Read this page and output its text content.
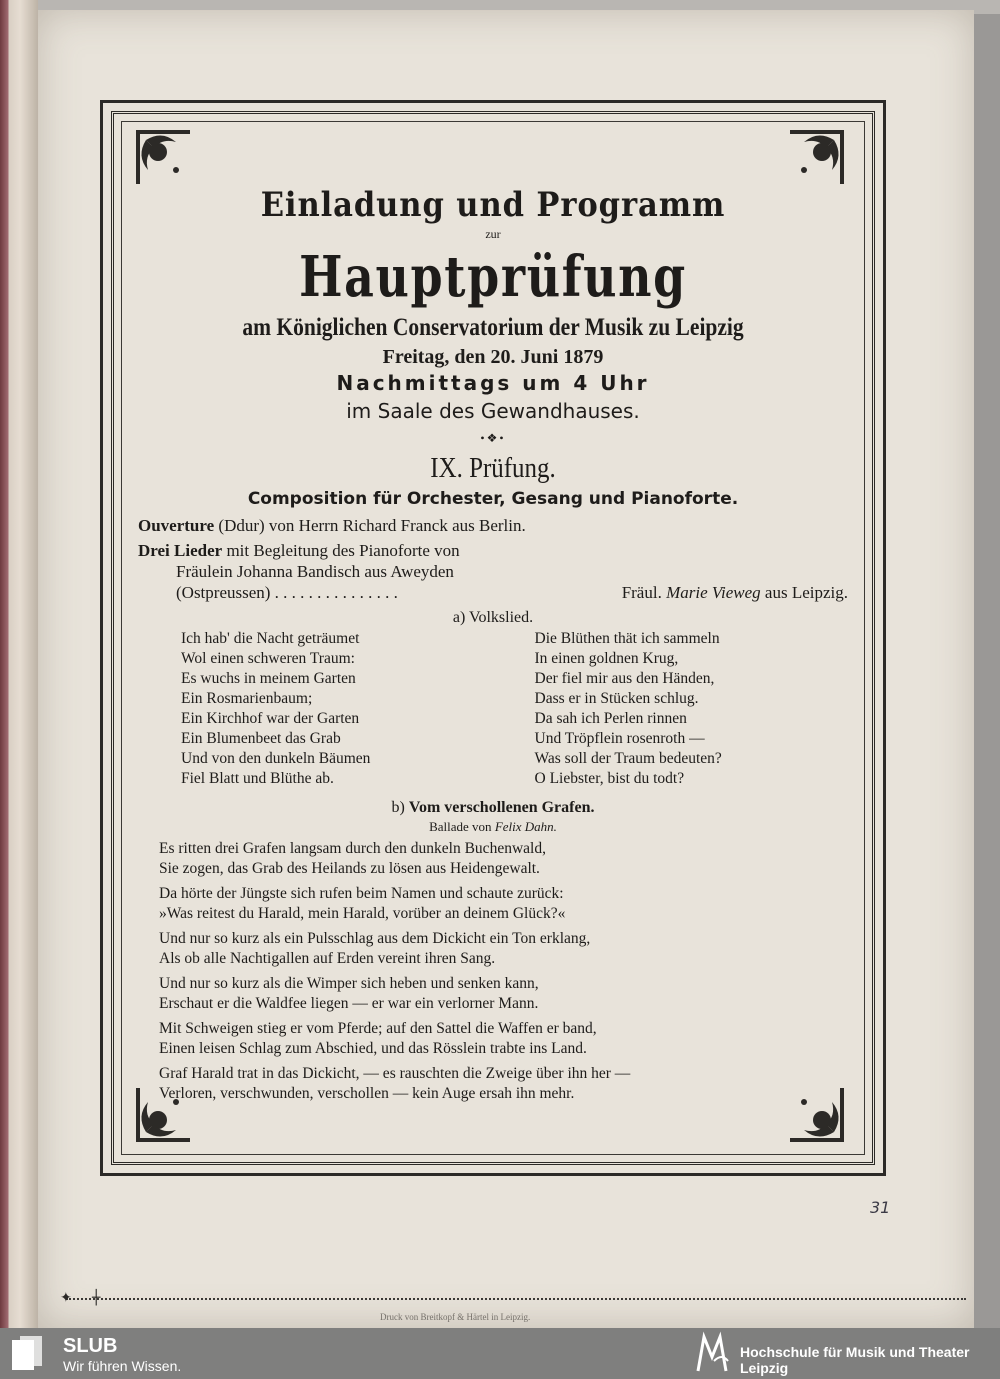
Einladung und Programm
zur
Hauptprüfung
am Königlichen Conservatorium der Musik zu Leipzig
Freitag, den 20. Juni 1879
Nachmittags um 4 Uhr
im Saale des Gewandhauses.
•❖•
IX. Prüfung.
Composition für Orchester, Gesang und Pianoforte.
Ouverture (Ddur) von Herrn Richard Franck aus Berlin.
Drei Lieder mit Begleitung des Pianoforte von
Fräulein Johanna Bandisch aus Aweyden
(Ostpreussen) . . . . . . . . . . . . . . .	Fräul. Marie Vieweg aus Leipzig.
a) Volkslied.
Ich hab' die Nacht geträumet
Wol einen schweren Traum:
Es wuchs in meinem Garten
Ein Rosmarienbaum;
Ein Kirchhof war der Garten
Ein Blumenbeet das Grab
Und von den dunkeln Bäumen
Fiel Blatt und Blüthe ab.
Die Blüthen thät ich sammeln
In einen goldnen Krug,
Der fiel mir aus den Händen,
Dass er in Stücken schlug.
Da sah ich Perlen rinnen
Und Tröpflein rosenroth —
Was soll der Traum bedeuten?
O Liebster, bist du todt?
b) Vom verschollenen Grafen.
Ballade von Felix Dahn.
Es ritten drei Grafen langsam durch den dunkeln Buchenwald,
Sie zogen, das Grab des Heilands zu lösen aus Heidengewalt.
Da hörte der Jüngste sich rufen beim Namen und schaute zurück:
»Was reitest du Harald, mein Harald, vorüber an deinem Glück?«
Und nur so kurz als ein Pulsschlag aus dem Dickicht ein Ton erklang,
Als ob alle Nachtigallen auf Erden vereint ihren Sang.
Und nur so kurz als die Wimper sich heben und senken kann,
Erschaut er die Waldfee liegen — er war ein verlorner Mann.
Mit Schweigen stieg er vom Pferde; auf den Sattel die Waffen er band,
Einen leisen Schlag zum Abschied, und das Rösslein trabte ins Land.
Graf Harald trat in das Dickicht, — es rauschten die Zweige über ihn her —
Verloren, verschwunden, verschollen — kein Auge ersah ihn mehr.
31
✦ ┼
Druck von Breitkopf & Härtel in Leipzig.
SLUB
Wir führen Wissen.
Hochschule für Musik und Theater Leipzig
